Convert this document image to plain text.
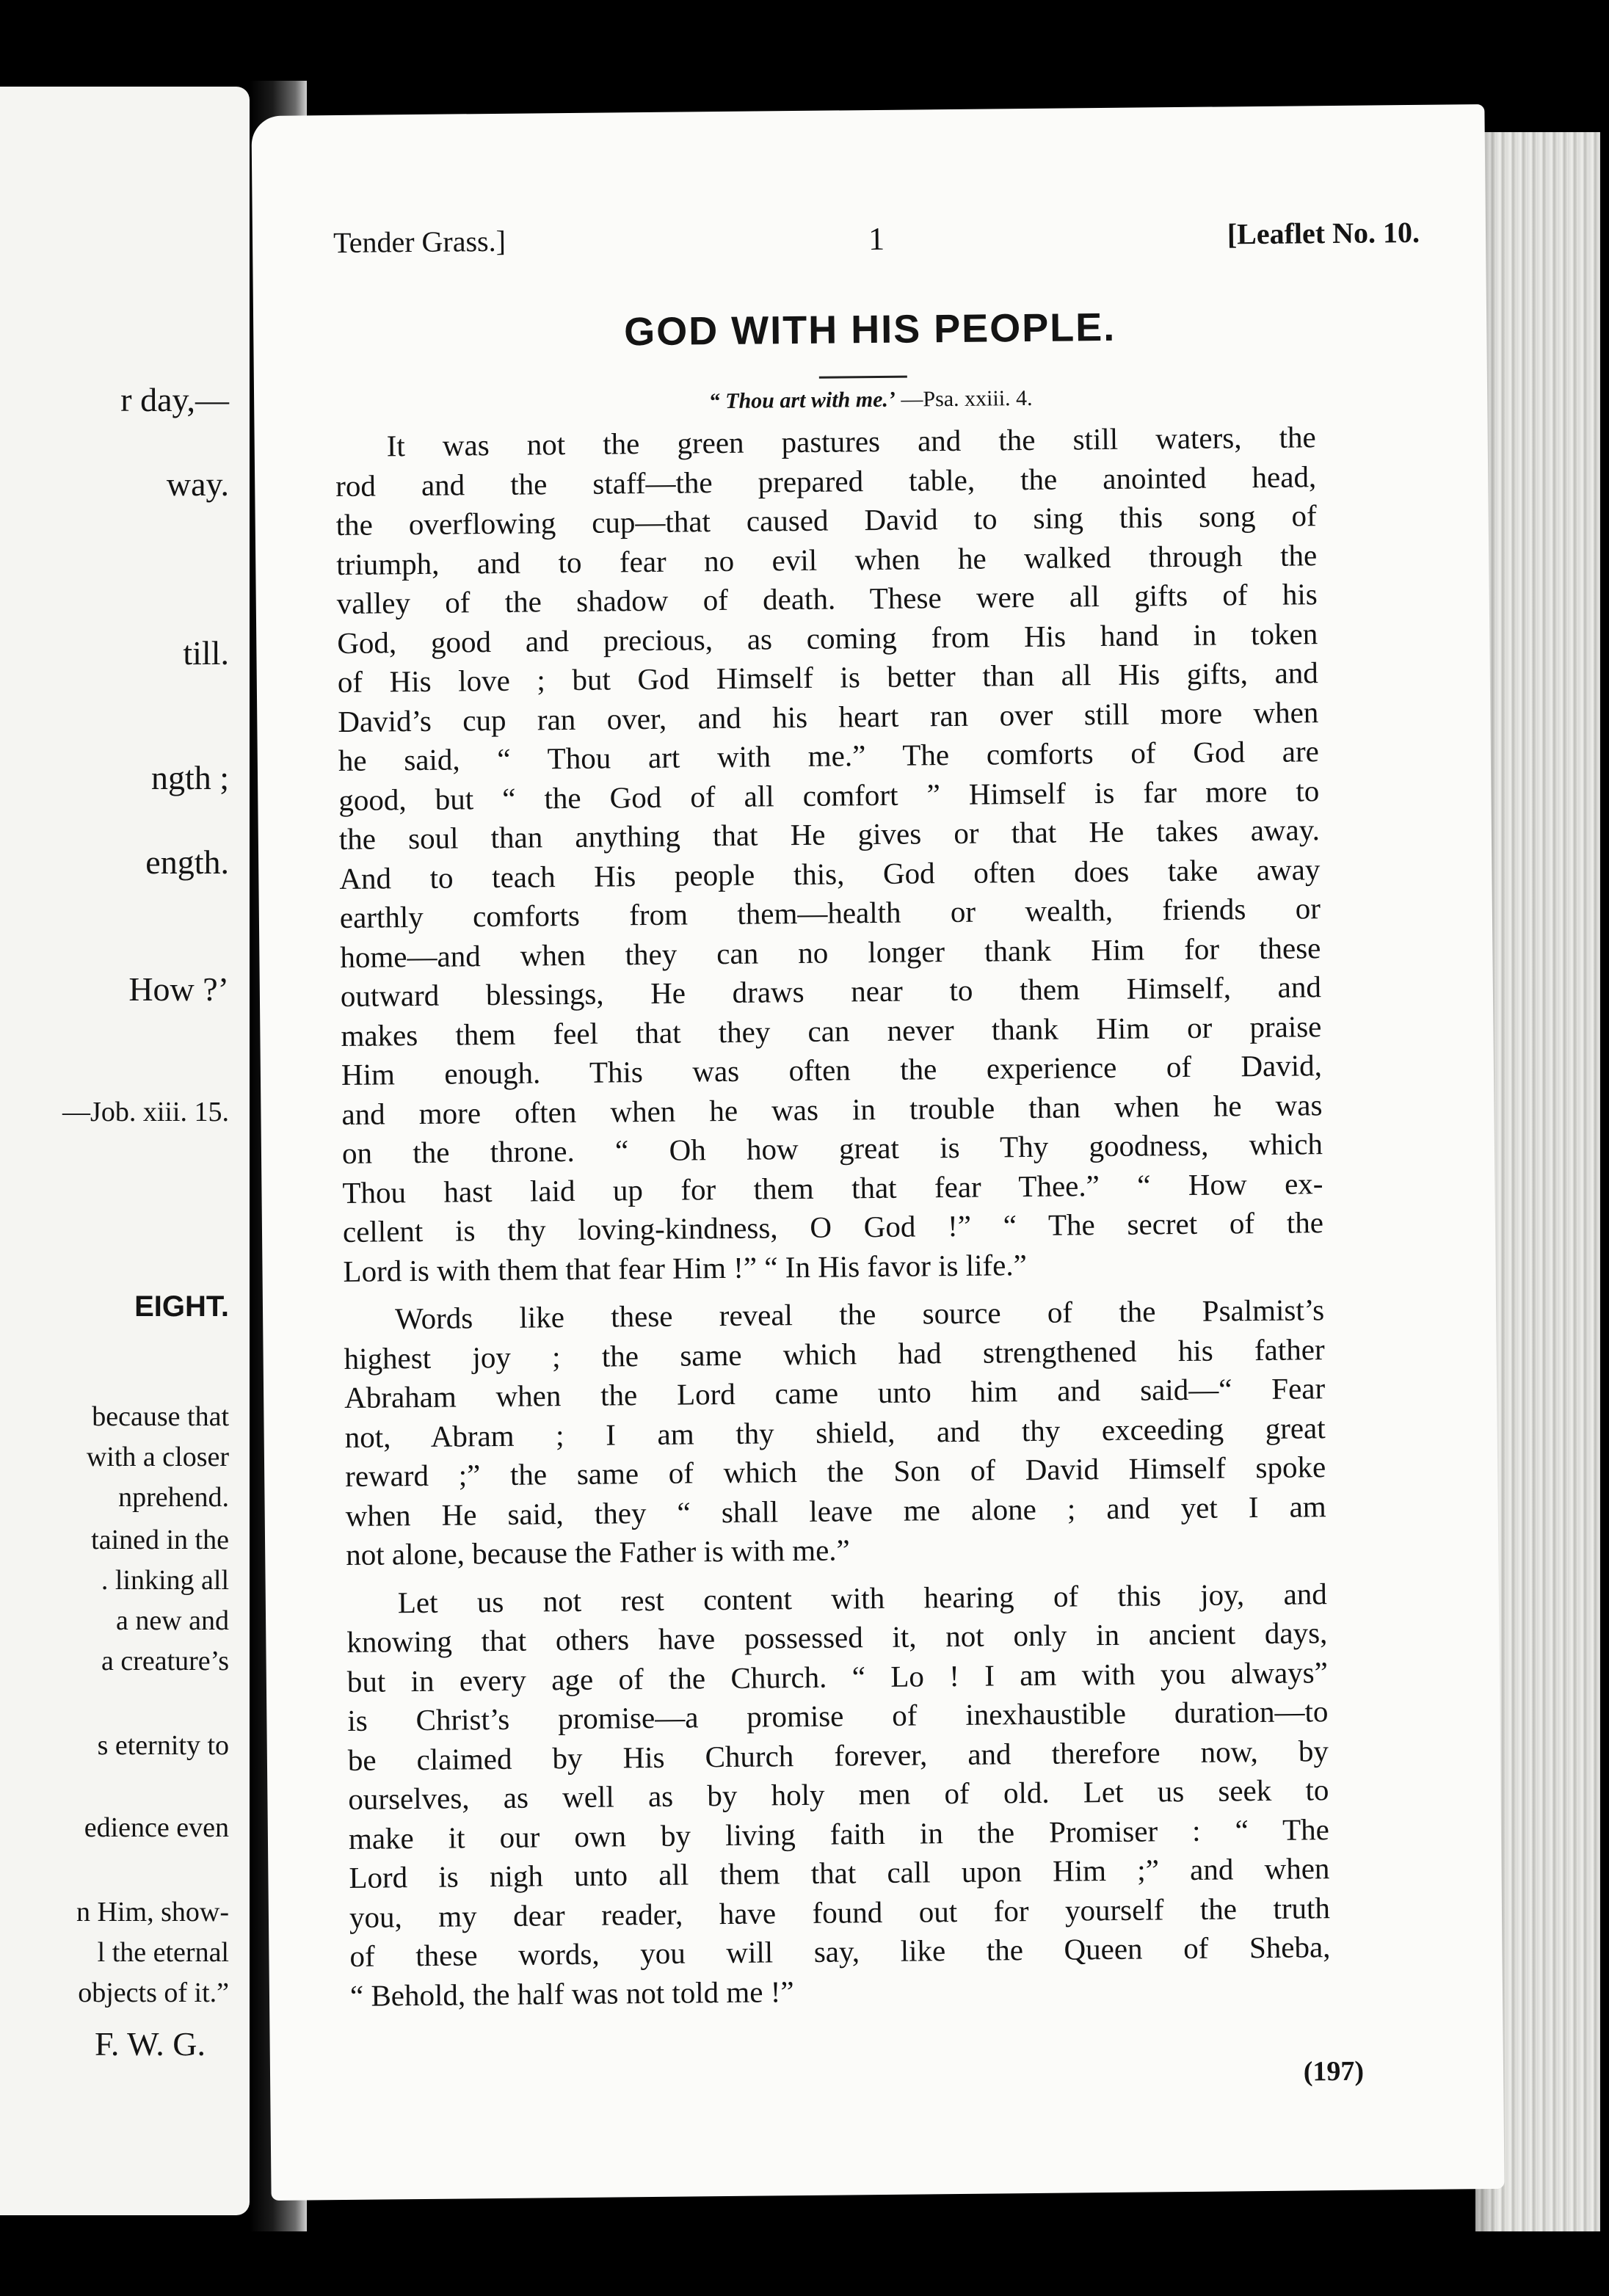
r day,—
way.
till.
ngth ;
ength.
How ?’
—Job. xiii. 15.
EIGHT.
because that
with a closer
nprehend.
tained in the
. linking all
a new and
a creature’s
s eternity to
edience even
n Him, show-
l the eternal
objects of it.”
F. W. G.
Tender Grass.]	1	[Leaflet No. 10.
GOD WITH HIS PEOPLE.
“ Thou art with me.’ —Psa. xxiii. 4.
It was not the green pastures and the still waters, the
rod and the staff—the prepared table, the anointed head,
the overflowing cup—that caused David to sing this song of
triumph, and to fear no evil when he walked through the
valley of the shadow of death. These were all gifts of his
God, good and precious, as coming from His hand in token
of His love ; but God Himself is better than all His gifts, and
David’s cup ran over, and his heart ran over still more when
he said, “ Thou art with me.” The comforts of God are
good, but “ the God of all comfort ” Himself is far more to
the soul than anything that He gives or that He takes away.
And to teach His people this, God often does take away
earthly comforts from them—health or wealth, friends or
home—and when they can no longer thank Him for these
outward blessings, He draws near to them Himself, and
makes them feel that they can never thank Him or praise
Him enough. This was often the experience of David,
and more often when he was in trouble than when he was
on the throne. “ Oh how great is Thy goodness, which
Thou hast laid up for them that fear Thee.” “ How ex-
cellent is thy loving-kindness, O God !” “ The secret of the
Lord is with them that fear Him !” “ In His favor is life.”
Words like these reveal the source of the Psalmist’s
highest joy ; the same which had strengthened his father
Abraham when the Lord came unto him and said—“ Fear
not, Abram ; I am thy shield, and thy exceeding great
reward ;” the same of which the Son of David Himself spoke
when He said, they “ shall leave me alone ; and yet I am
not alone, because the Father is with me.”
Let us not rest content with hearing of this joy, and
knowing that others have possessed it, not only in ancient days,
but in every age of the Church. “ Lo ! I am with you always”
is Christ’s promise—a promise of inexhaustible duration—to
be claimed by His Church forever, and therefore now, by
ourselves, as well as by holy men of old. Let us seek to
make it our own by living faith in the Promiser : “ The
Lord is nigh unto all them that call upon Him ;” and when
you, my dear reader, have found out for yourself the truth
of these words, you will say, like the Queen of Sheba,
“ Behold, the half was not told me !”
(197)
